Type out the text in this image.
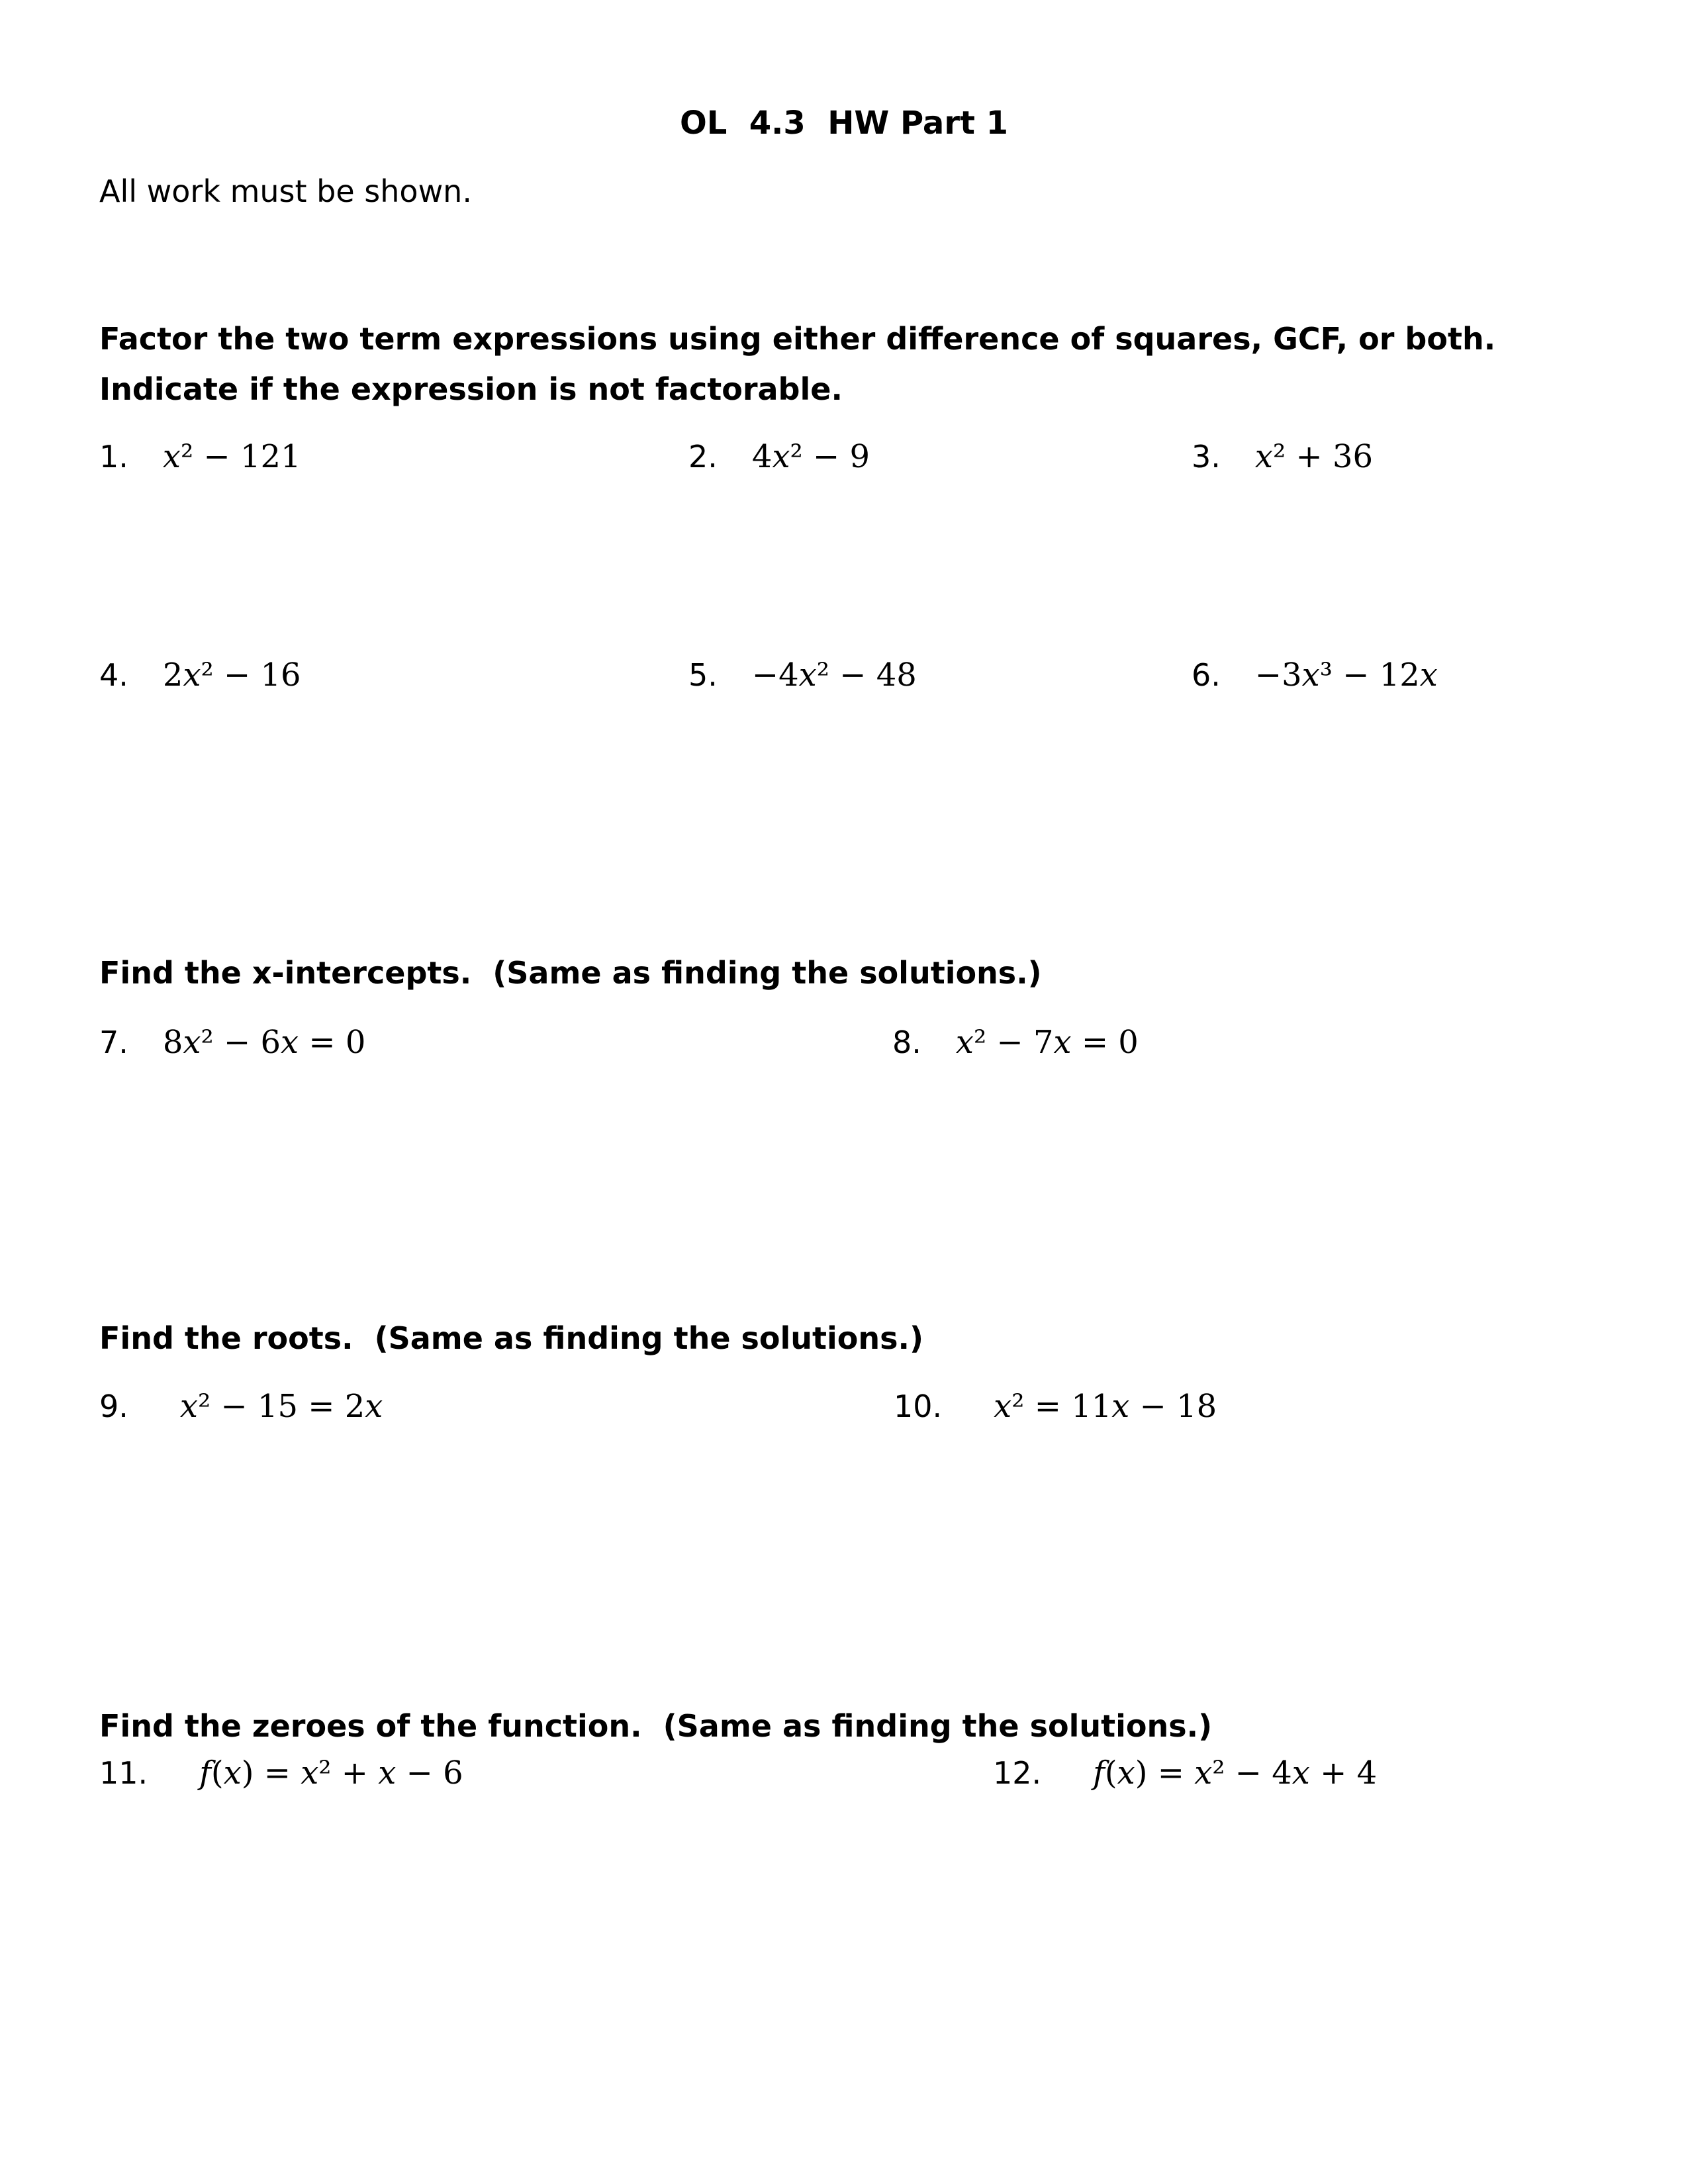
OL  4.3  HW Part 1

All work must be shown.

Factor the two term expressions using either difference of squares, GCF, or both.  Indicate if the expression is not factorable.
1. x² − 121	2. 4x² − 9	3. x² + 36
4. 2x² − 16	5. −4x² − 48	6. −3x³ − 12x
Find the x-intercepts.  (Same as finding the solutions.)
7. 8x² − 6x = 0	8. x² − 7x = 0
Find the roots.  (Same as finding the solutions.)
9. x² − 15 = 2x	10. x² = 11x − 18
Find the zeroes of the function.  (Same as finding the solutions.)
11. f(x) = x² + x − 6	12. f(x) = x² − 4x + 4
